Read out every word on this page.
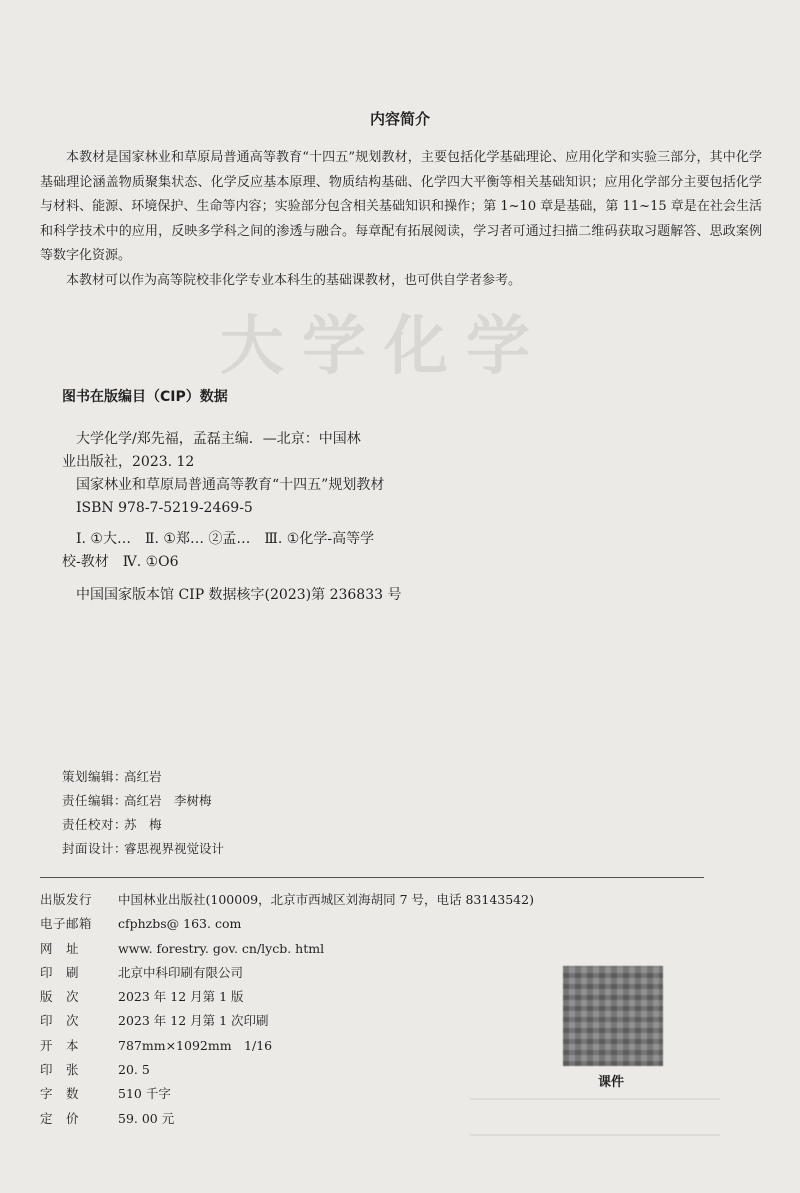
大学化学
内容简介

本教材是国家林业和草原局普通高等教育“十四五”规划教材，主要包括化学基础理论、应用化学和实验三部分，其中化学基础理论涵盖物质聚集状态、化学反应基本原理、物质结构基础、化学四大平衡等相关基础知识；应用化学部分主要包括化学与材料、能源、环境保护、生命等内容；实验部分包含相关基础知识和操作；第 1~10 章是基础，第 11~15 章是在社会生活和科学技术中的应用，反映多学科之间的渗透与融合。每章配有拓展阅读，学习者可通过扫描二维码获取习题解答、思政案例等数字化资源。

本教材可以作为高等院校非化学专业本科生的基础课教材，也可供自学者参考。

图书在版编目（CIP）数据
大学化学/郑先福，孟磊主编．—北京：中国林
业出版社，2023. 12
国家林业和草原局普通高等教育“十四五”规划教材
ISBN 978-7-5219-2469-5
Ⅰ. ①大…　Ⅱ. ①郑… ②孟…　Ⅲ. ①化学-高等学
校-教材　Ⅳ. ①O6
中国国家版本馆 CIP 数据核字(2023)第 236833 号
策划编辑：
高红岩
责任编辑：
高红岩　李树梅
责任校对：
苏　梅
封面设计：
睿思视界视觉设计
出版发行	中国林业出版社(100009，北京市西城区刘海胡同 7 号，电话 83143542)
电子邮箱	cfphzbs@ 163. com
网　址	www. forestry. gov. cn/lycb. html
印　刷	北京中科印刷有限公司
版　次	2023 年 12 月第 1 版
印　次	2023 年 12 月第 1 次印刷
开　本	787mm×1092mm　1/16
印　张	20. 5
字　数	510 千字
定　价	59. 00 元
课件
